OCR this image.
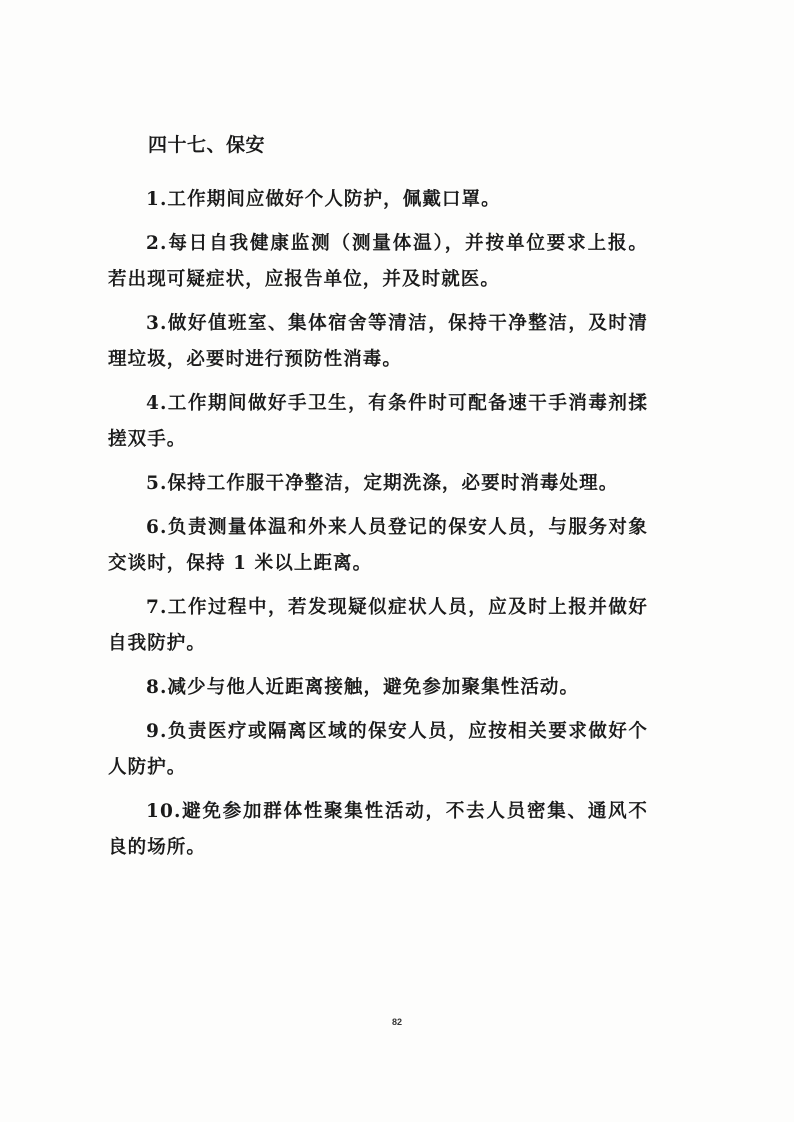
四十七、保安

1.工作期间应做好个人防护，佩戴口罩。

2.每日自我健康监测（测量体温），并按单位要求上报。若出现可疑症状，应报告单位，并及时就医。

3.做好值班室、集体宿舍等清洁，保持干净整洁，及时清理垃圾，必要时进行预防性消毒。

4.工作期间做好手卫生，有条件时可配备速干手消毒剂揉搓双手。

5.保持工作服干净整洁，定期洗涤，必要时消毒处理。

6.负责测量体温和外来人员登记的保安人员，与服务对象交谈时，保持 1 米以上距离。

7.工作过程中，若发现疑似症状人员，应及时上报并做好自我防护。

8.减少与他人近距离接触，避免参加聚集性活动。

9.负责医疗或隔离区域的保安人员，应按相关要求做好个人防护。

10.避免参加群体性聚集性活动，不去人员密集、通风不良的场所。

82
